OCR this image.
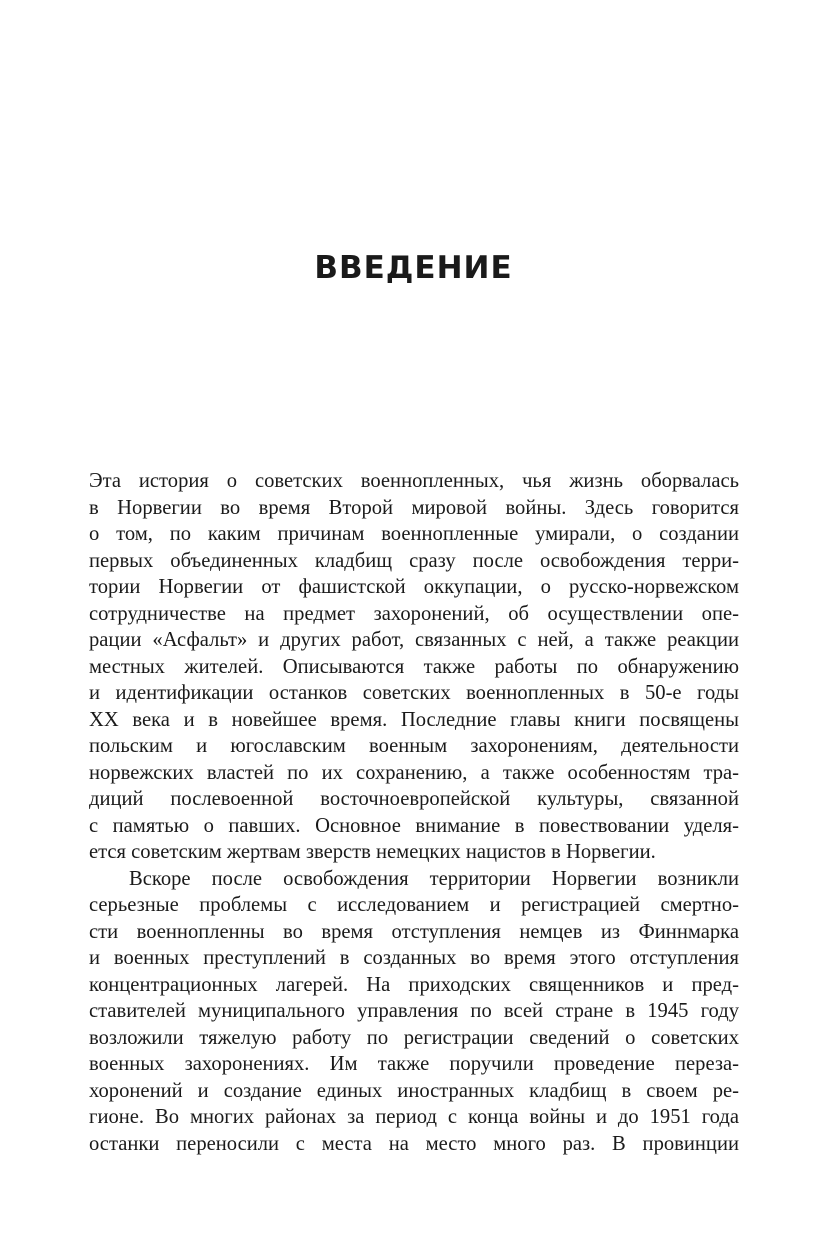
ВВЕДЕНИЕ
Эта история о советских военнопленных, чья жизнь оборвалась
в Норвегии во время Второй мировой войны. Здесь говорится
о том, по каким причинам военнопленные умирали, о создании
первых объединенных кладбищ сразу после освобождения терри-
тории Норвегии от фашистской оккупации, о русско-норвежском
сотрудничестве на предмет захоронений, об осуществлении опе-
рации «Асфальт» и других работ, связанных с ней, а также реакции
местных жителей. Описываются также работы по обнаружению
и идентификации останков советских военнопленных в 50-е годы
XX века и в новейшее время. Последние главы книги посвящены
польским и югославским военным захоронениям, деятельности
норвежских властей по их сохранению, а также особенностям тра-
диций послевоенной восточноевропейской культуры, связанной
с памятью о павших. Основное внимание в повествовании уделя-
ется советским жертвам зверств немецких нацистов в Норвегии.
Вскоре после освобождения территории Норвегии возникли
серьезные проблемы с исследованием и регистрацией смертно-
сти военнопленны во время отступления немцев из Финнмарка
и военных преступлений в созданных во время этого отступления
концентрационных лагерей. На приходских священников и пред-
ставителей муниципального управления по всей стране в 1945 году
возложили тяжелую работу по регистрации сведений о советских
военных захоронениях. Им также поручили проведение переза-
хоронений и создание единых иностранных кладбищ в своем ре-
гионе. Во многих районах за период с конца войны и до 1951 года
останки переносили с места на место много раз. В провинции
